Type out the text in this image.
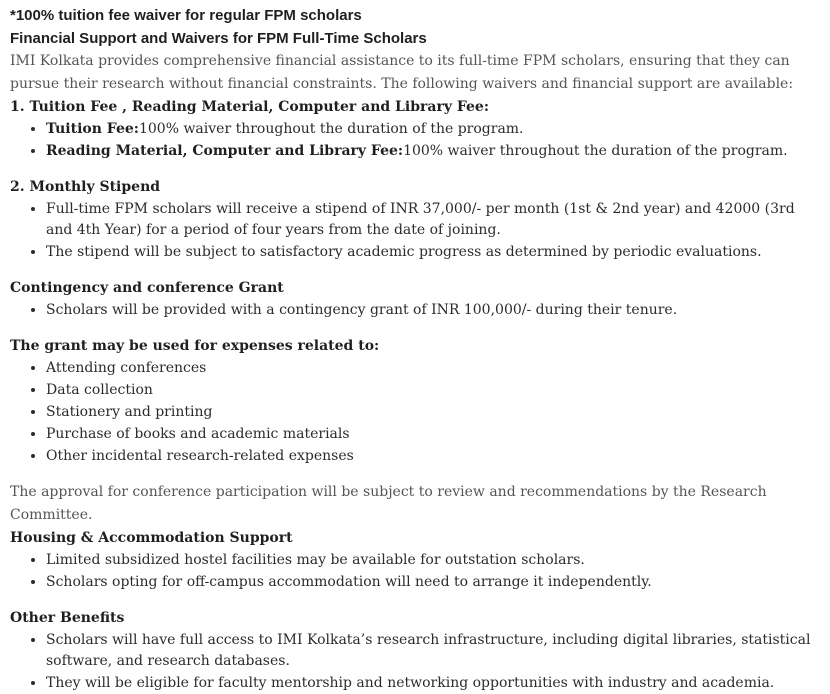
*100% tuition fee waiver for regular FPM scholars

Financial Support and Waivers for FPM Full-Time Scholars

IMI Kolkata provides comprehensive financial assistance to its full-time FPM scholars, ensuring that they can pursue their research without financial constraints. The following waivers and financial support are available:

1. Tuition Fee , Reading Material, Computer and Library Fee:

• Tuition Fee:100% waiver throughout the duration of the program.
• Reading Material, Computer and Library Fee:100% waiver throughout the duration of the program.

2. Monthly Stipend

• Full-time FPM scholars will receive a stipend of INR 37,000/- per month (1st & 2nd year) and 42000 (3rd and 4th Year) for a period of four years from the date of joining.
• The stipend will be subject to satisfactory academic progress as determined by periodic evaluations.

Contingency and conference Grant

• Scholars will be provided with a contingency grant of INR 100,000/- during their tenure.

The grant may be used for expenses related to:

• Attending conferences
• Data collection
• Stationery and printing
• Purchase of books and academic materials
• Other incidental research-related expenses

The approval for conference participation will be subject to review and recommendations by the Research Committee.

Housing & Accommodation Support

• Limited subsidized hostel facilities may be available for outstation scholars.
• Scholars opting for off-campus accommodation will need to arrange it independently.

Other Benefits

• Scholars will have full access to IMI Kolkata’s research infrastructure, including digital libraries, statistical software, and research databases.
• They will be eligible for faculty mentorship and networking opportunities with industry and academia.
